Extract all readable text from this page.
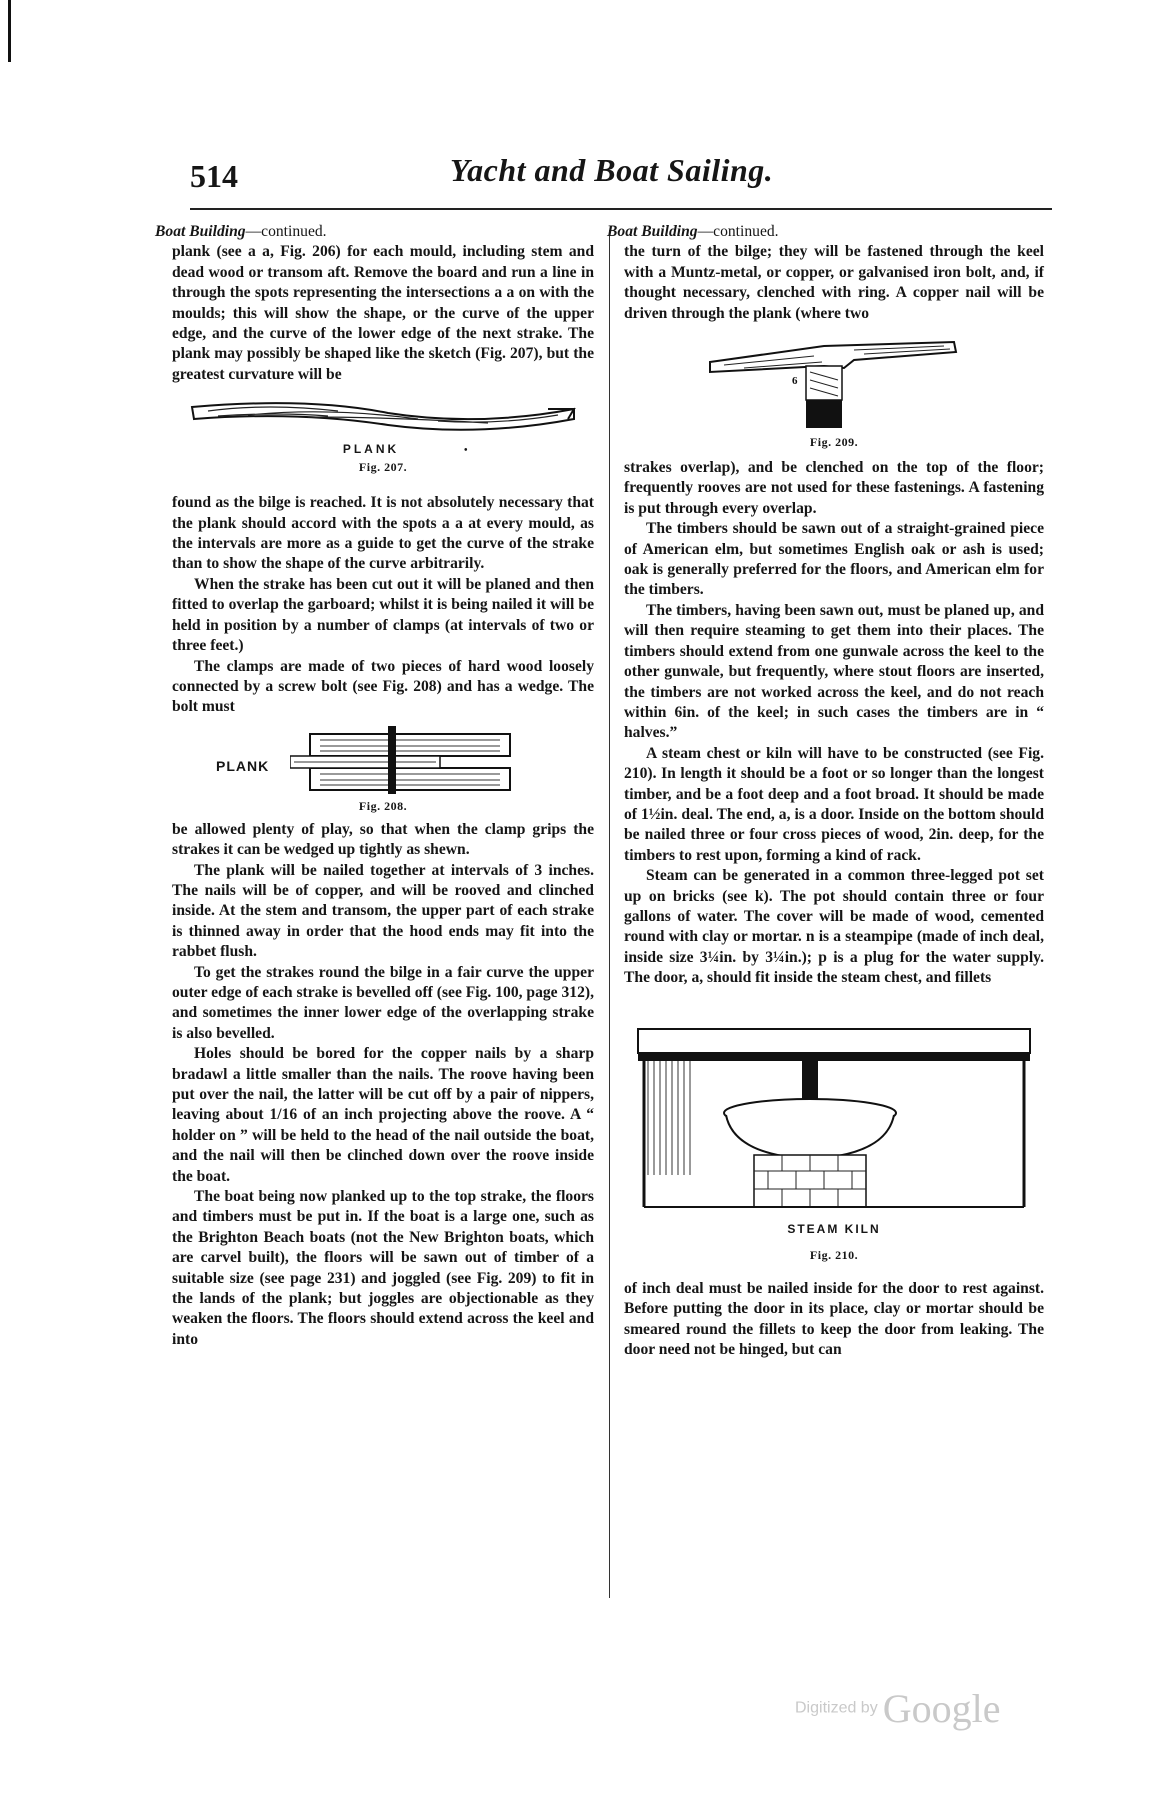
514	Yacht and Boat Sailing.
Boat Building—continued.

plank (see a a, Fig. 206) for each mould, including stem and dead wood or transom aft. Remove the board and run a line in through the spots representing the intersections a a on with the moulds; this will show the shape, or the curve of the upper edge, and the curve of the lower edge of the next strake. The plank may possibly be shaped like the sketch (Fig. 207), but the greatest curvature will be

PLANK	•
Fig. 207.

found as the bilge is reached. It is not absolutely necessary that the plank should accord with the spots a a at every mould, as the intervals are more as a guide to get the curve of the strake than to show the shape of the curve arbitrarily.

When the strake has been cut out it will be planed and then fitted to overlap the garboard; whilst it is being nailed it will be held in position by a number of clamps (at intervals of two or three feet.)

The clamps are made of two pieces of hard wood loosely connected by a screw bolt (see Fig. 208) and has a wedge. The bolt must

PLANK
Fig. 208.

be allowed plenty of play, so that when the clamp grips the strakes it can be wedged up tightly as shewn.

The plank will be nailed together at intervals of 3 inches. The nails will be of copper, and will be rooved and clinched inside. At the stem and transom, the upper part of each strake is thinned away in order that the hood ends may fit into the rabbet flush.

To get the strakes round the bilge in a fair curve the upper outer edge of each strake is bevelled off (see Fig. 100, page 312), and sometimes the inner lower edge of the overlapping strake is also bevelled.

Holes should be bored for the copper nails by a sharp bradawl a little smaller than the nails. The roove having been put over the nail, the latter will be cut off by a pair of nippers, leaving about 1/16 of an inch projecting above the roove. A “ holder on ” will be held to the head of the nail outside the boat, and the nail will then be clinched down over the roove inside the boat.

The boat being now planked up to the top strake, the floors and timbers must be put in. If the boat is a large one, such as the Brighton Beach boats (not the New Brighton boats, which are carvel built), the floors will be sawn out of timber of a suitable size (see page 231) and joggled (see Fig. 209) to fit in the lands of the plank; but joggles are objectionable as they weaken the floors. The floors should extend across the keel and into

Boat Building—continued.

the turn of the bilge; they will be fastened through the keel with a Muntz-metal, or copper, or galvanised iron bolt, and, if thought necessary, clenched with ring. A copper nail will be driven through the plank (where two

6
Fig. 209.

strakes overlap), and be clenched on the top of the floor; frequently rooves are not used for these fastenings. A fastening is put through every overlap.

The timbers should be sawn out of a straight-grained piece of American elm, but sometimes English oak or ash is used; oak is generally preferred for the floors, and American elm for the timbers.

The timbers, having been sawn out, must be planed up, and will then require steaming to get them into their places. The timbers should extend from one gunwale across the keel to the other gunwale, but frequently, where stout floors are inserted, the timbers are not worked across the keel, and do not reach within 6in. of the keel; in such cases the timbers are in “ halves.”

A steam chest or kiln will have to be constructed (see Fig. 210). In length it should be a foot or so longer than the longest timber, and be a foot deep and a foot broad. It should be made of 1½in. deal. The end, a, is a door. Inside on the bottom should be nailed three or four cross pieces of wood, 2in. deep, for the timbers to rest upon, forming a kind of rack.

Steam can be generated in a common three-legged pot set up on bricks (see k). The pot should contain three or four gallons of water. The cover will be made of wood, cemented round with clay or mortar. n is a steampipe (made of inch deal, inside size 3¼in. by 3¼in.); p is a plug for the water supply. The door, a, should fit inside the steam chest, and fillets

STEAM KILN
Fig. 210.

of inch deal must be nailed inside for the door to rest against. Before putting the door in its place, clay or mortar should be smeared round the fillets to keep the door from leaking. The door need not be hinged, but can

Digitized by Google
